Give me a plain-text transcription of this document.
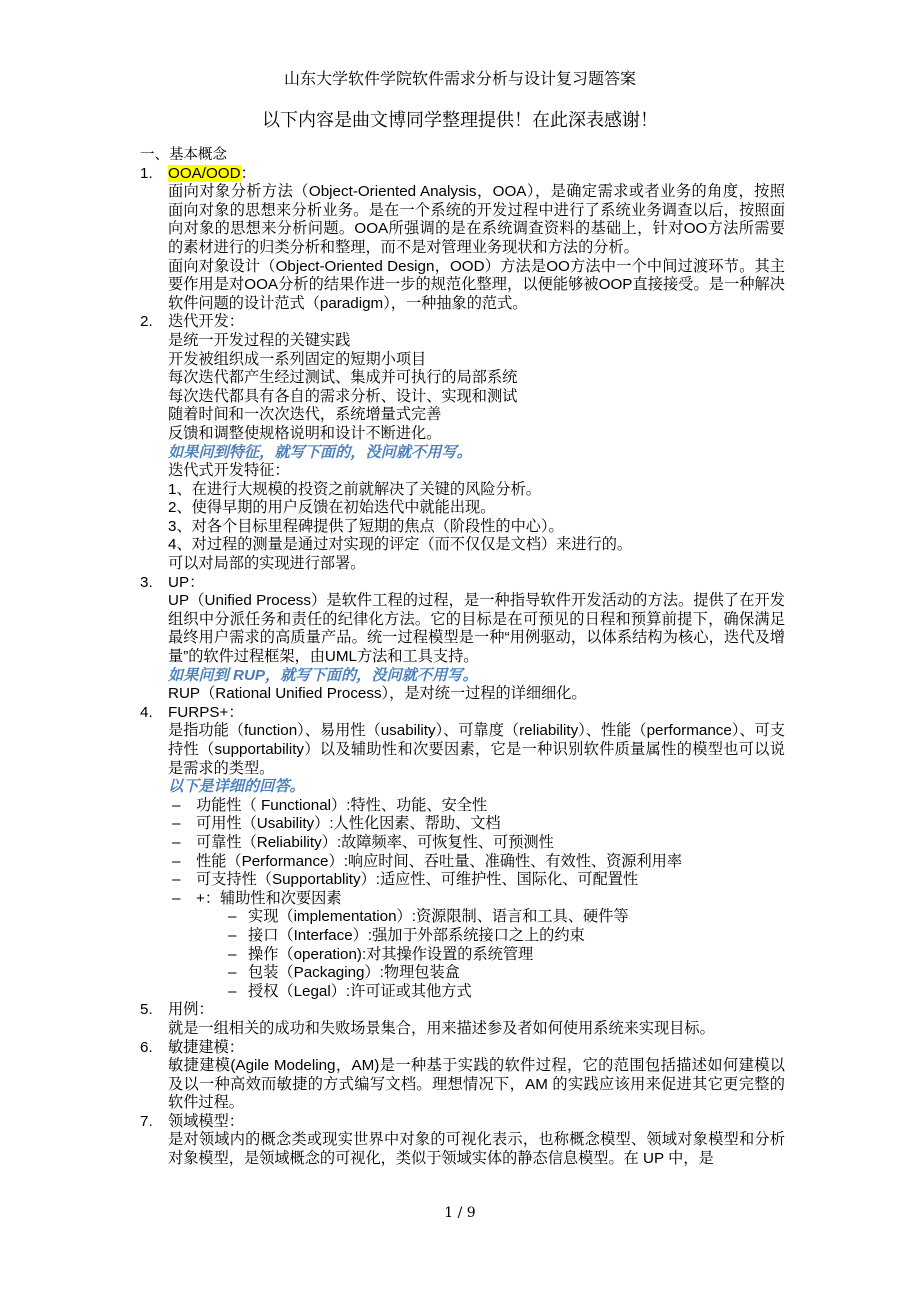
山东大学软件学院软件需求分析与设计复习题答案
以下内容是曲文博同学整理提供！在此深表感谢！

一、基本概念

1.	OOA/OOD：

面向对象分析方法（Object-Oriented Analysis，OOA），是确定需求或者业务的角度，按照面向对象的思想来分析业务。是在一个系统的开发过程中进行了系统业务调查以后，按照面向对象的思想来分析问题。OOA所强调的是在系统调查资料的基础上，针对OO方法所需要的素材进行的归类分析和整理，而不是对管理业务现状和方法的分析。

面向对象设计（Object-Oriented Design，OOD）方法是OO方法中一个中间过渡环节。其主要作用是对OOA分析的结果作进一步的规范化整理，以便能够被OOP直接接受。是一种解决软件问题的设计范式（paradigm），一种抽象的范式。

2.	迭代开发：

是统一开发过程的关键实践

开发被组织成一系列固定的短期小项目

每次迭代都产生经过测试、集成并可执行的局部系统

每次迭代都具有各自的需求分析、设计、实现和测试

随着时间和一次次迭代，系统增量式完善

反馈和调整使规格说明和设计不断进化。

如果问到特征，就写下面的，没问就不用写。

迭代式开发特征：

1、在进行大规模的投资之前就解决了关键的风险分析。

2、使得早期的用户反馈在初始迭代中就能出现。

3、对各个目标里程碑提供了短期的焦点（阶段性的中心）。

4、对过程的测量是通过对实现的评定（而不仅仅是文档）来进行的。

可以对局部的实现进行部署。

3.	UP：

UP（Unified Process）是软件工程的过程，是一种指导软件开发活动的方法。提供了在开发组织中分派任务和责任的纪律化方法。它的目标是在可预见的日程和预算前提下，确保满足最终用户需求的高质量产品。统一过程模型是一种“用例驱动，以体系结构为核心，迭代及增量”的软件过程框架，由UML方法和工具支持。

如果问到 RUP，就写下面的，没问就不用写。

RUP（Rational Unified Process），是对统一过程的详细细化。

4.	FURPS+：

是指功能（function）、易用性（usability）、可靠度（reliability）、性能（performance）、可支持性（supportability）以及辅助性和次要因素，它是一种识别软件质量属性的模型也可以说是需求的类型。

以下是详细的回答。

–	功能性（ Functional）:特性、功能、安全性
–	可用性（Usability）:人性化因素、帮助、文档
–	可靠性（Reliability）:故障频率、可恢复性、可预测性
–	性能（Performance）:响应时间、吞吐量、准确性、有效性、资源利用率
–	可支持性（Supportablity）:适应性、可维护性、国际化、可配置性
–	+：辅助性和次要因素
– 实现（implementation）:资源限制、语言和工具、硬件等
– 接口（Interface）:强加于外部系统接口之上的约束
– 操作（operation):对其操作设置的系统管理
– 包装（Packaging）:物理包装盒
– 授权（Legal）:许可证或其他方式
5.	用例：

就是一组相关的成功和失败场景集合，用来描述参及者如何使用系统来实现目标。

6.	敏捷建模：

敏捷建模(Agile Modeling，AM)是一种基于实践的软件过程，它的范围包括描述如何建模以及以一种高效而敏捷的方式编写文档。理想情况下，AM 的实践应该用来促进其它更完整的软件过程。

7.	领域模型：

是对领域内的概念类或现实世界中对象的可视化表示，也称概念模型、领域对象模型和分析对象模型，是领域概念的可视化，类似于领域实体的静态信息模型。在 UP 中，是

1 / 9
